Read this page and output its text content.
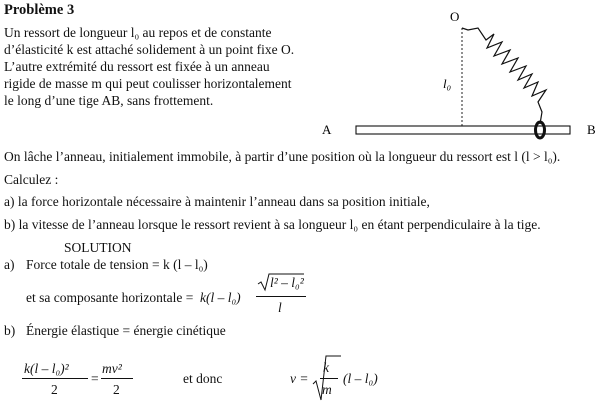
Problème 3
Un ressort de longueur l₀ au repos et de constante
d’élasticité k est attaché solidement à un point fixe O.
L’autre extrémité du ressort est fixée à un anneau
rigide de masse m qui peut coulisser horizontalement
le long d’une tige AB, sans frottement.
O
l₀
A	B
On lâche l’anneau, initialement immobile, à partir d’une position où la longueur du ressort est l (l > l₀).
Calculez :
a) la force horizontale nécessaire à maintenir l’anneau dans sa position initiale,
b) la vitesse de l’anneau lorsque le ressort revient à sa longueur l₀ en étant perpendiculaire à la tige.
SOLUTION
a) Force totale de tension = k (l – l₀)
et sa composante horizontale = k(l – l₀)
l² – l₀²
l
b) Énergie élastique = énergie cinétique
k(l – l₀)²
2
=
mv²
2
et donc	v =
k
m
(l – l₀)
